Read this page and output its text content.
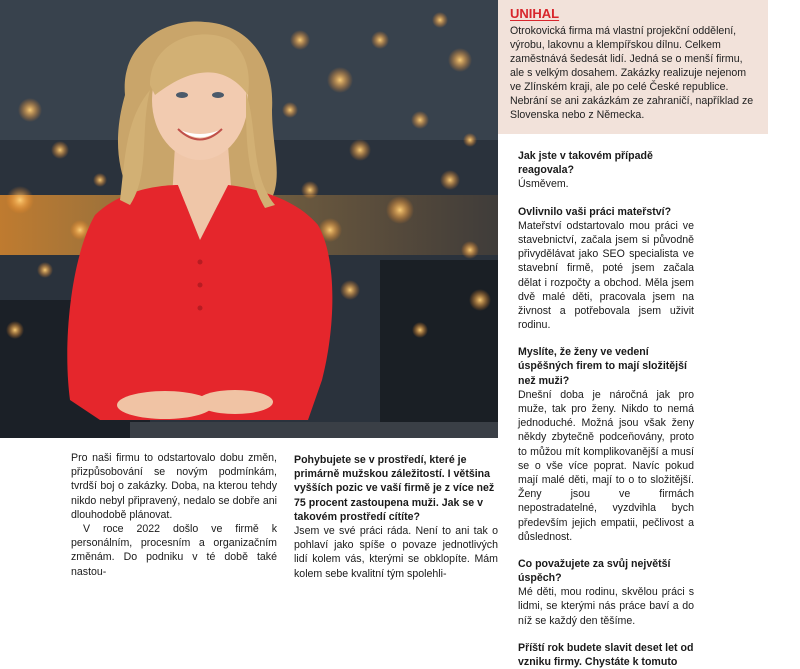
UNIHAL

Otrokovická firma má vlastní projekční oddělení, výrobu, lakovnu a klempířskou dílnu. Celkem zaměstnává šedesát lidí. Jedná se o menší firmu, ale s velkým dosahem. Zakázky realizuje nejenom ve Zlínském kraji, ale po celé České republice. Nebrání se ani zakázkám ze zahraničí, například ze Slovenska nebo z Německa.

Pro naši firmu to odstartovalo dobu změn, přizpůsobování se novým podmínkám, tvrdší boj o zakázky. Doba, na kterou tehdy nikdo nebyl připravený, nedalo se dobře ani dlouhodobě plánovat.

V roce 2022 došlo ve firmě k personálním, procesním a organizačním změnám. Do podniku v té době také nastou-

Pohybujete se v prostředí, které je primárně mužskou záležitostí. I většina vyšších pozic ve vaší firmě je z více než 75 procent zastoupena muži. Jak se v takovém prostředí cítíte?

Jsem ve své práci ráda. Není to ani tak o pohlaví jako spíše o povaze jednotlivých lidí kolem vás, kterými se obklopíte. Mám kolem sebe kvalitní tým spolehli-

Jak jste v takovém případě reagovala?

Úsměvem.

Ovlivnilo vaši práci mateřství?

Mateřství odstartovalo mou práci ve stavebnictví, začala jsem si původně přivydělávat jako SEO specialista ve stavební firmě, poté jsem začala dělat i rozpočty a obchod. Měla jsem dvě malé děti, pracovala jsem na živnost a potřebovala jsem uživit rodinu.

Myslíte, že ženy ve vedení úspěšných firem to mají složitější než muži?

Dnešní doba je náročná jak pro muže, tak pro ženy. Nikdo to nemá jednoduché. Možná jsou však ženy někdy zbytečně podceňovány, proto to můžou mít komplikovanější a musí se o vše více poprat. Navíc pokud mají malé děti, mají to o to složitější. Ženy jsou ve firmách nepostradatelné, vyzdvihla bych především jejich empatii, pečlivost a důslednost.

Co považujete za svůj největší úspěch?

Mé děti, mou rodinu, skvělou práci s lidmi, se kterými nás práce baví a do níž se každý den těšíme.

Příští rok budete slavit deset let od vzniku firmy. Chystáte k tomuto
